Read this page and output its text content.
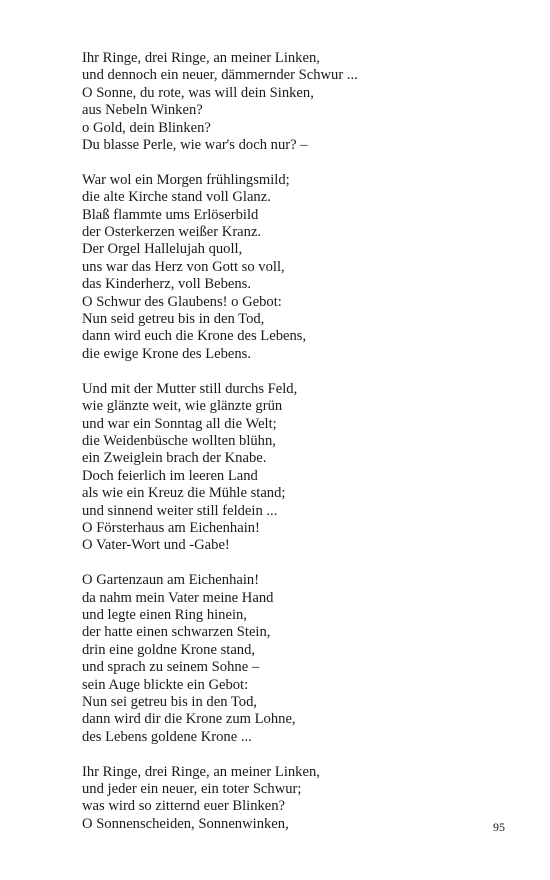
Ihr Ringe, drei Ringe, an meiner Linken,
und dennoch ein neuer, dämmernder Schwur ...
O Sonne, du rote, was will dein Sinken,
aus Nebeln Winken?
o Gold, dein Blinken?
Du blasse Perle, wie war's doch nur? –
War wol ein Morgen frühlingsmild;
die alte Kirche stand voll Glanz.
Blaß flammte ums Erlöserbild
der Osterkerzen weißer Kranz.
Der Orgel Hallelujah quoll,
uns war das Herz von Gott so voll,
das Kinderherz, voll Bebens.
O Schwur des Glaubens! o Gebot:
Nun seid getreu bis in den Tod,
dann wird euch die Krone des Lebens,
die ewige Krone des Lebens.
Und mit der Mutter still durchs Feld,
wie glänzte weit, wie glänzte grün
und war ein Sonntag all die Welt;
die Weidenbüsche wollten blühn,
ein Zweiglein brach der Knabe.
Doch feierlich im leeren Land
als wie ein Kreuz die Mühle stand;
und sinnend weiter still feldein ...
O Försterhaus am Eichenhain!
O Vater-Wort und -Gabe!
O Gartenzaun am Eichenhain!
da nahm mein Vater meine Hand
und legte einen Ring hinein,
der hatte einen schwarzen Stein,
drin eine goldne Krone stand,
und sprach zu seinem Sohne –
sein Auge blickte ein Gebot:
Nun sei getreu bis in den Tod,
dann wird dir die Krone zum Lohne,
des Lebens goldene Krone ...
Ihr Ringe, drei Ringe, an meiner Linken,
und jeder ein neuer, ein toter Schwur;
was wird so zitternd euer Blinken?
O Sonnenscheiden, Sonnenwinken,	95
